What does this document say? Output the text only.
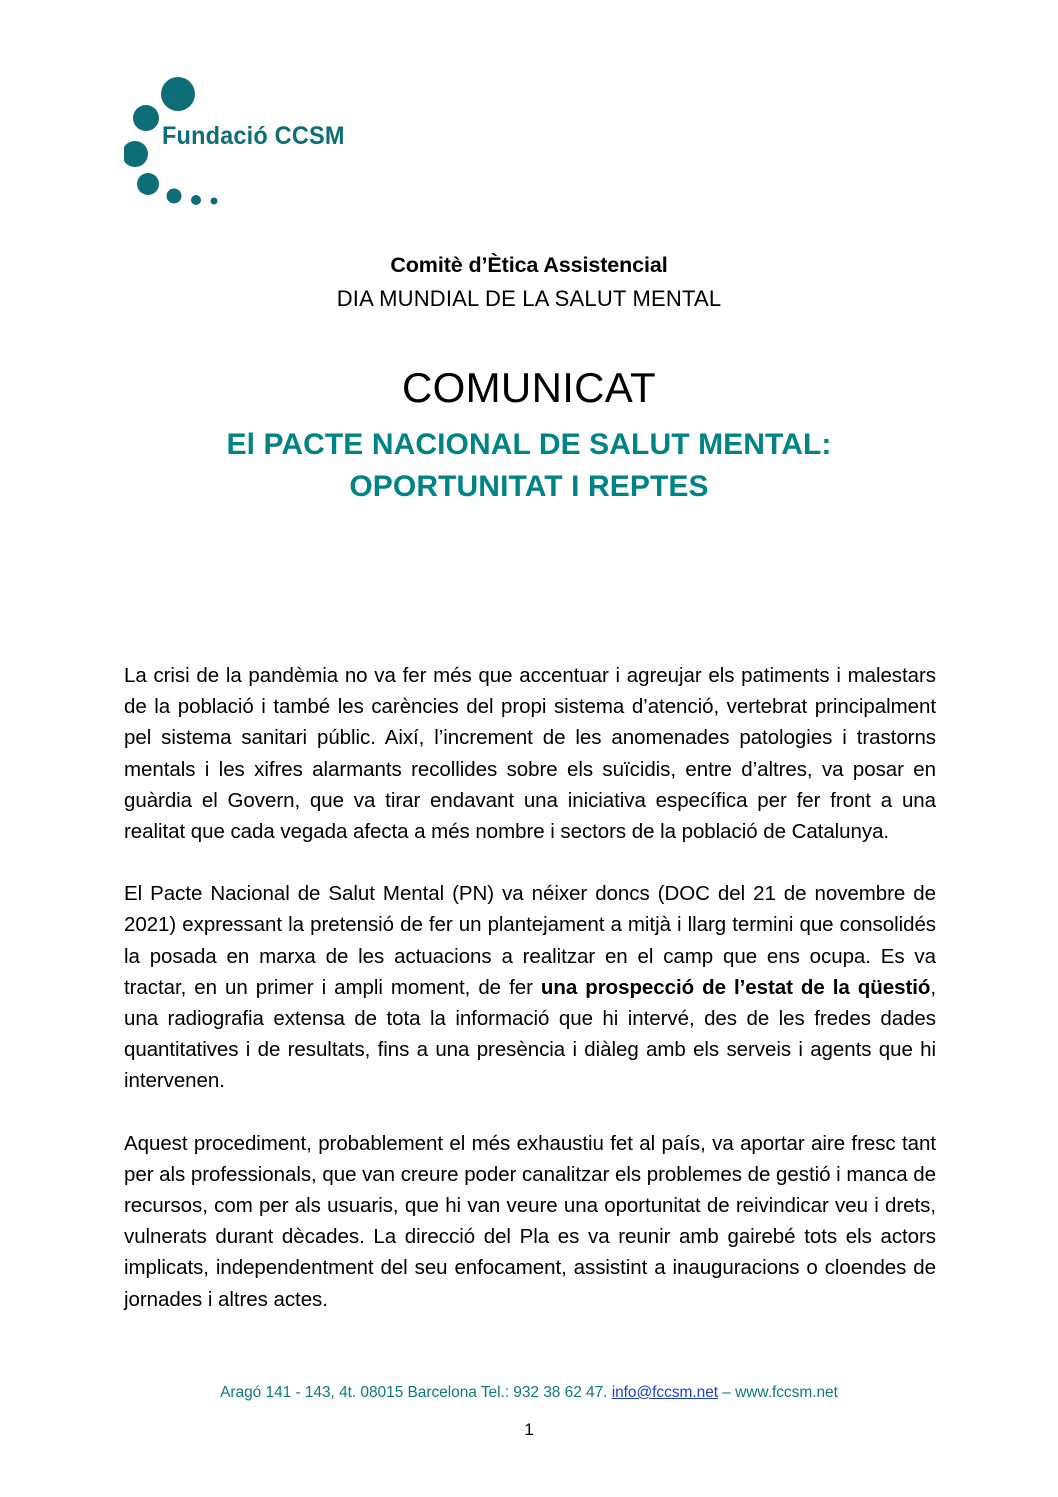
Fundació CCSM
Comitè d’Ètica Assistencial
DIA MUNDIAL DE LA SALUT MENTAL
COMUNICAT
El PACTE NACIONAL DE SALUT MENTAL:
OPORTUNITAT I REPTES

La crisi de la pandèmia no va fer més que accentuar i agreujar els patiments i malestars de la població i també les carències del propi sistema d’atenció, vertebrat principalment pel sistema sanitari públic. Així, l’increment de les anomenades patologies i trastorns mentals i les xifres alarmants recollides sobre els suïcidis, entre d’altres, va posar en guàrdia el Govern, que va tirar endavant una iniciativa específica per fer front a una realitat que cada vegada afecta a més nombre i sectors de la població de Catalunya.

El Pacte Nacional de Salut Mental (PN) va néixer doncs (DOC del 21 de novembre de 2021) expressant la pretensió de fer un plantejament a mitjà i llarg termini que consolidés la posada en marxa de les actuacions a realitzar en el camp que ens ocupa. Es va tractar, en un primer i ampli moment, de fer una prospecció de l’estat de la qüestió, una radiografia extensa de tota la informació que hi intervé, des de les fredes dades quantitatives i de resultats, fins a una presència i diàleg amb els serveis i agents que hi intervenen.

Aquest procediment, probablement el més exhaustiu fet al país, va aportar aire fresc tant per als professionals, que van creure poder canalitzar els problemes de gestió i manca de recursos, com per als usuaris, que hi van veure una oportunitat de reivindicar veu i drets, vulnerats durant dècades. La direcció del Pla es va reunir amb gairebé tots els actors implicats, independentment del seu enfocament, assistint a inauguracions o cloendes de jornades i altres actes.

Aragó 141 - 143, 4t. 08015 Barcelona Tel.: 932 38 62 47. info@fccsm.net – www.fccsm.net
1
